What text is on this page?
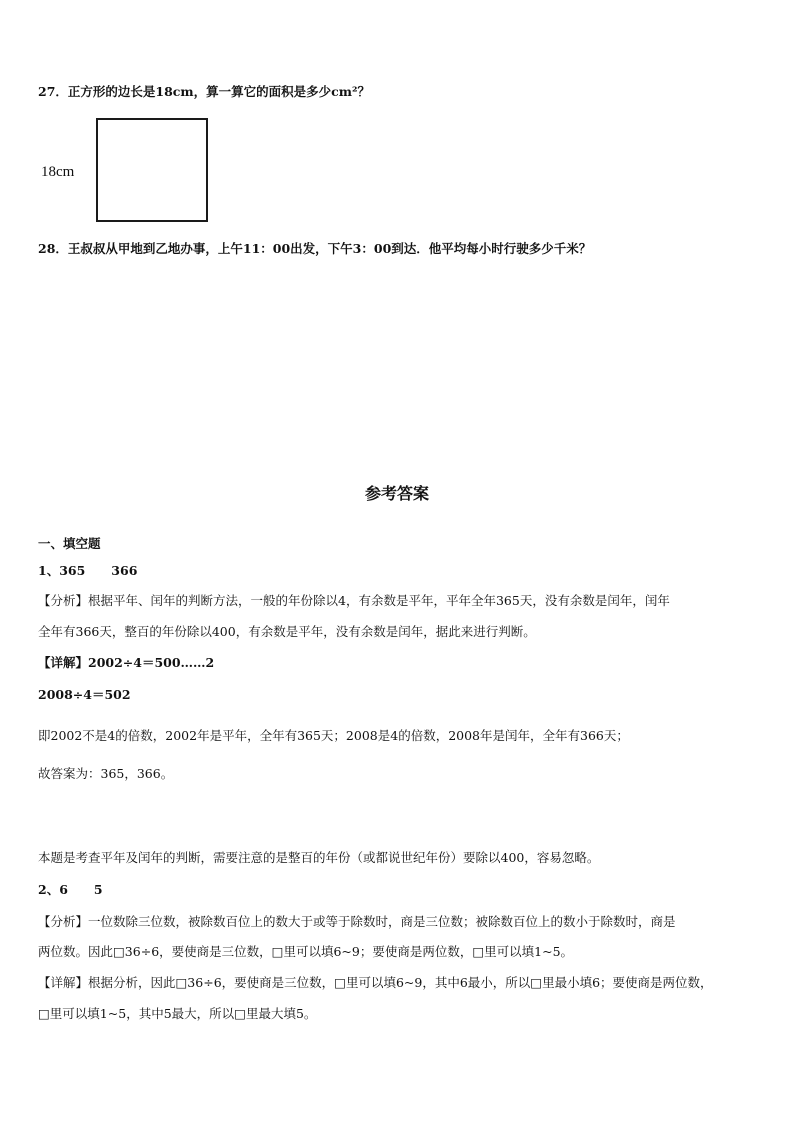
27．正方形的边长是18cm，算一算它的面积是多少cm²？
18cm
28．王叔叔从甲地到乙地办事，上午11：00出发，下午3：00到达．他平均每小时行驶多少千米？
参考答案
一、填空题
1、365 366
【分析】根据平年、闰年的判断方法，一般的年份除以4，有余数是平年，平年全年365天，没有余数是闰年，闰年
全年有366天，整百的年份除以400，有余数是平年，没有余数是闰年，据此来进行判断。
【详解】2002÷4＝500……2
2008÷4＝502
即2002不是4的倍数，2002年是平年，全年有365天；2008是4的倍数，2008年是闰年，全年有366天；
故答案为：365，366。
本题是考查平年及闰年的判断，需要注意的是整百的年份（或都说世纪年份）要除以400，容易忽略。
2、6 5
【分析】一位数除三位数，被除数百位上的数大于或等于除数时，商是三位数；被除数百位上的数小于除数时，商是
两位数。因此□36÷6，要使商是三位数，□里可以填6~9；要使商是两位数，□里可以填1~5。
【详解】根据分析，因此□36÷6，要使商是三位数，□里可以填6~9，其中6最小，所以□里最小填6；要使商是两位数，
□里可以填1~5，其中5最大，所以□里最大填5。
